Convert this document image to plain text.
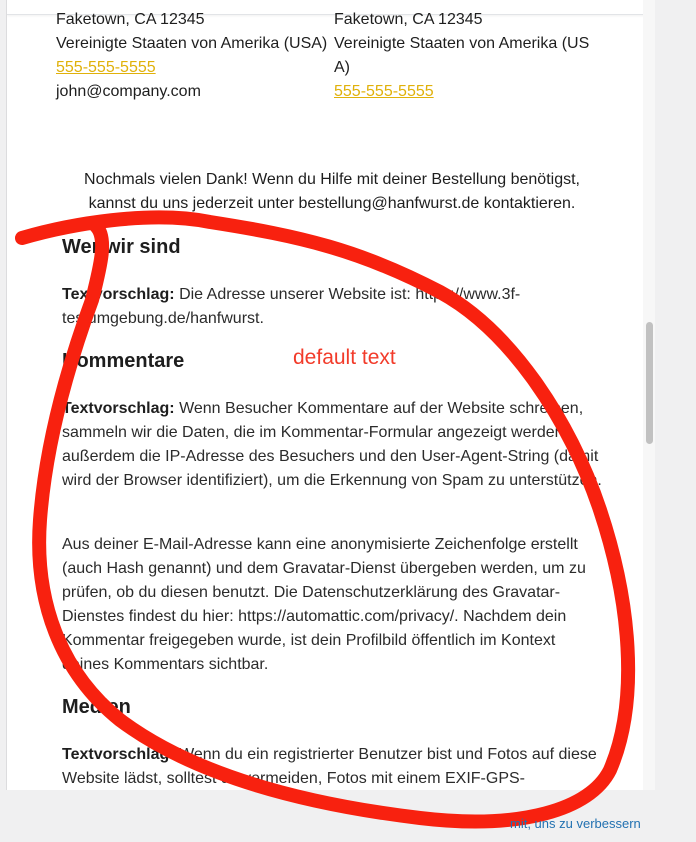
Faketown, CA 12345
Vereinigte Staaten von Amerika (USA)
555-555-5555
john@company.com
Faketown, CA 12345
Vereinigte Staaten von Amerika (US
A)
555-555-5555
Nochmals vielen Dank! Wenn du Hilfe mit deiner Bestellung benötigst,
kannst du uns jederzeit unter bestellung@hanfwurst.de kontaktieren.
Wer wir sind
Textvorschlag: Die Adresse unserer Website ist: https://www.3f-testumgebung.de/hanfwurst.
Kommentare
Textvorschlag: Wenn Besucher Kommentare auf der Website schreiben, sammeln wir die Daten, die im Kommentar-Formular angezeigt werden, außerdem die IP-Adresse des Besuchers und den User-Agent-String (damit wird der Browser identifiziert), um die Erkennung von Spam zu unterstützen.
Aus deiner E-Mail-Adresse kann eine anonymisierte Zeichenfolge erstellt (auch Hash genannt) und dem Gravatar-Dienst übergeben werden, um zu prüfen, ob du diesen benutzt. Die Datenschutzerklärung des Gravatar-Dienstes findest du hier: https://automattic.com/privacy/. Nachdem dein Kommentar freigegeben wurde, ist dein Profilbild öffentlich im Kontext deines Kommentars sichtbar.
Medien
Textvorschlag: Wenn du ein registrierter Benutzer bist und Fotos auf diese Website lädst, solltest du vermeiden, Fotos mit einem EXIF-GPS-
default text
mit, uns zu verbessern
